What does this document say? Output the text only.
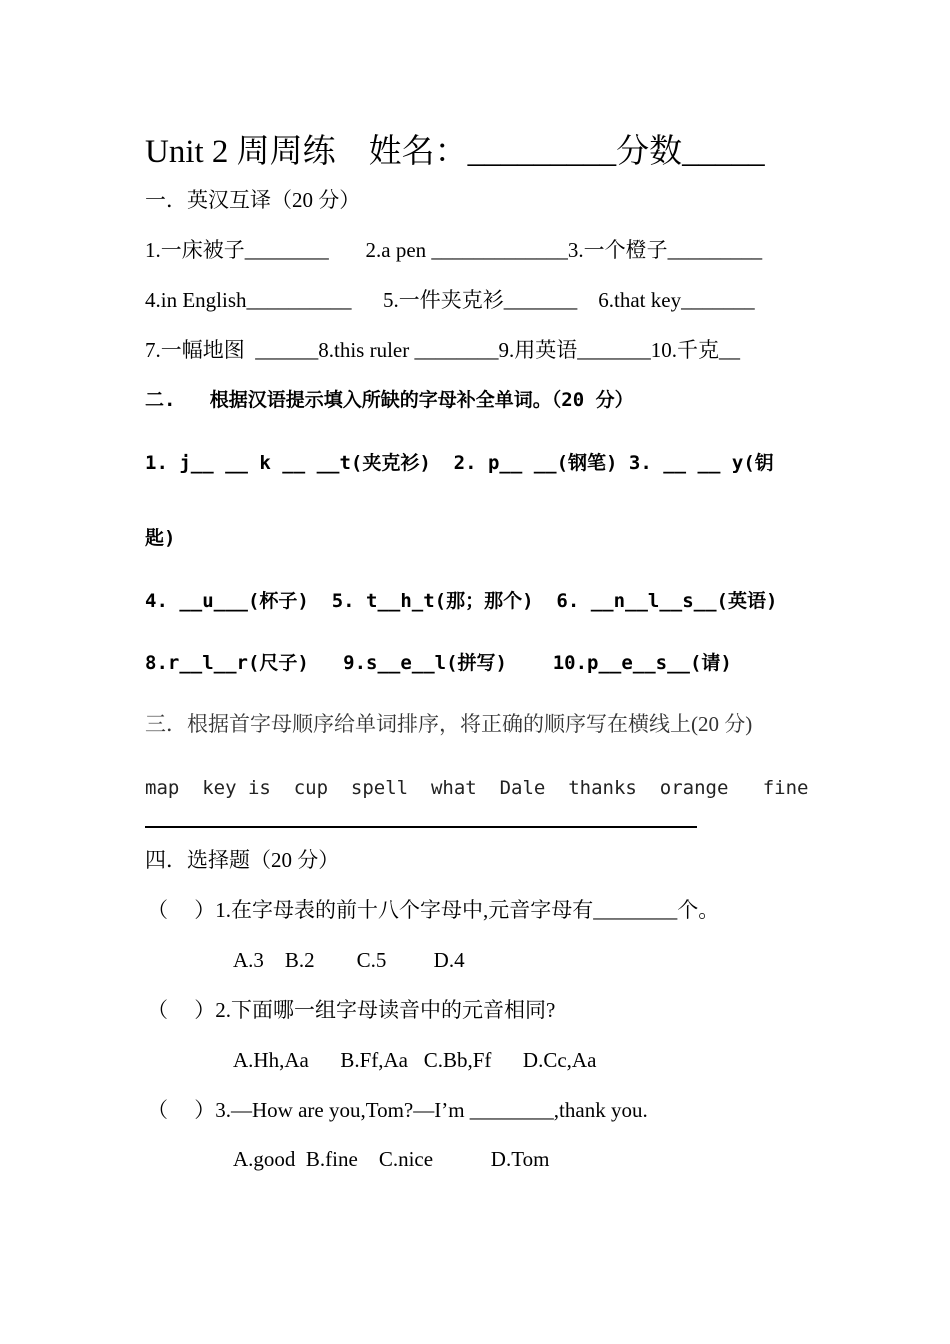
Unit 2 周周练    姓名：_________分数_____
一．英汉互译（20 分）
1.一床被子________       2.a pen _____________3.一个橙子_________
4.in English__________      5.一件夹克衫_______    6.that key_______
7.一幅地图  ______8.this ruler ________9.用英语_______10.千克__
二.   根据汉语提示填入所缺的字母补全单词。（20 分）
1. j__ __ k __ __t(夹克衫)  2. p__ __(钢笔) 3. __ __ y(钥
匙)
4. __u___(杯子)  5. t__h_t(那；那个)  6. __n__l__s__(英语)
8.r__l__r(尺子)   9.s__e__l(拼写)    10.p__e__s__(请)
三．根据首字母顺序给单词排序，将正确的顺序写在横线上(20 分)
map  key is  cup  spell  what  Dale  thanks  orange   fine
四．选择题（20 分）
（     ）1.在字母表的前十八个字母中,元音字母有________个。
A.3    B.2        C.5         D.4
（     ）2.下面哪一组字母读音中的元音相同?
A.Hh,Aa      B.Ff,Aa   C.Bb,Ff      D.Cc,Aa
（     ）3.—How are you,Tom?—I’m ________,thank you.
A.good  B.fine    C.nice           D.Tom
